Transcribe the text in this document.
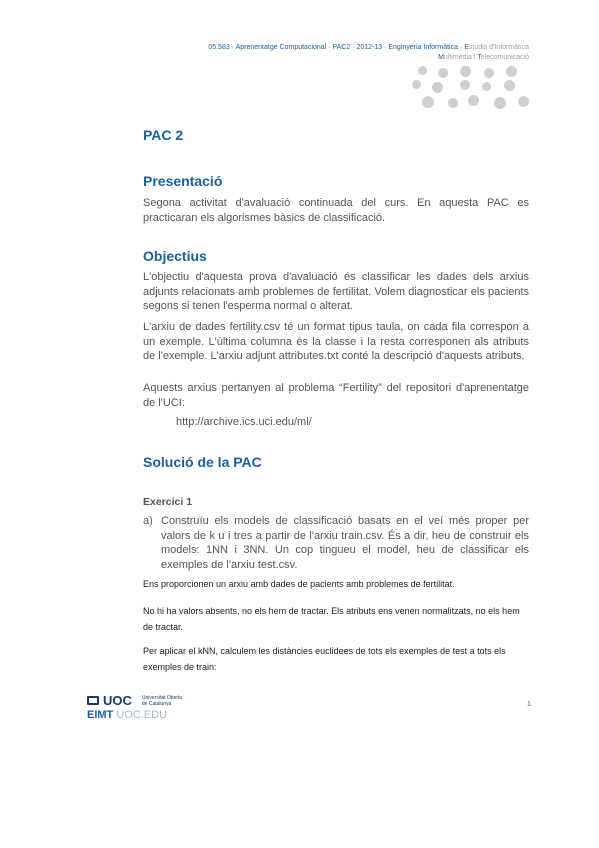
05.583 · Aprenentatge Computacional · PAC2 · 2012-13 · Enginyeria Informàtica · Estudis d'Informàtica
Multimèdia i Telecomunicació
PAC 2
Presentació

Segona activitat d'avaluació continuada del curs. En aquesta PAC es practicaran els algorismes bàsics de classificació.

Objectius

L'objectiu d'aquesta prova d'avaluació és classificar les dades dels arxius adjunts relacionats amb problemes de fertilitat. Volem diagnosticar els pacients segons si tenen l'esperma normal o alterat.

L'arxiu de dades fertility.csv té un format tipus taula, on cada fila correspon a un exemple. L'última columna és la classe i la resta corresponen als atributs de l'exemple. L'arxiu adjunt attributes.txt conté la descripció d'aquests atributs.

Aquests arxius pertanyen al problema “Fertility” del repositori d'aprenentatge de l'UCI:

http://archive.ics.uci.edu/ml/
Solució de la PAC
Exercici 1
a) Construïu els models de classificació basats en el veí més proper per valors de k u i tres a partir de l'arxiu train.csv. És a dir, heu de construir els models: 1NN i 3NN. Un cop tingueu el model, heu de classificar els exemples de l'arxiu test.csv.
Ens proporcionen un arxiu amb dades de pacients amb problemes de fertilitat.
No hi ha valors absents, no els hem de tractar. Els atributs ens venen normalitzats, no els hem de tractar.
Per aplicar el kNN, calculem les distàncies euclidees de tots els exemples de test a tots els exemples de train:
UOC Universitat Oberta
de Catalunya
EIMT UOC.EDU
1
